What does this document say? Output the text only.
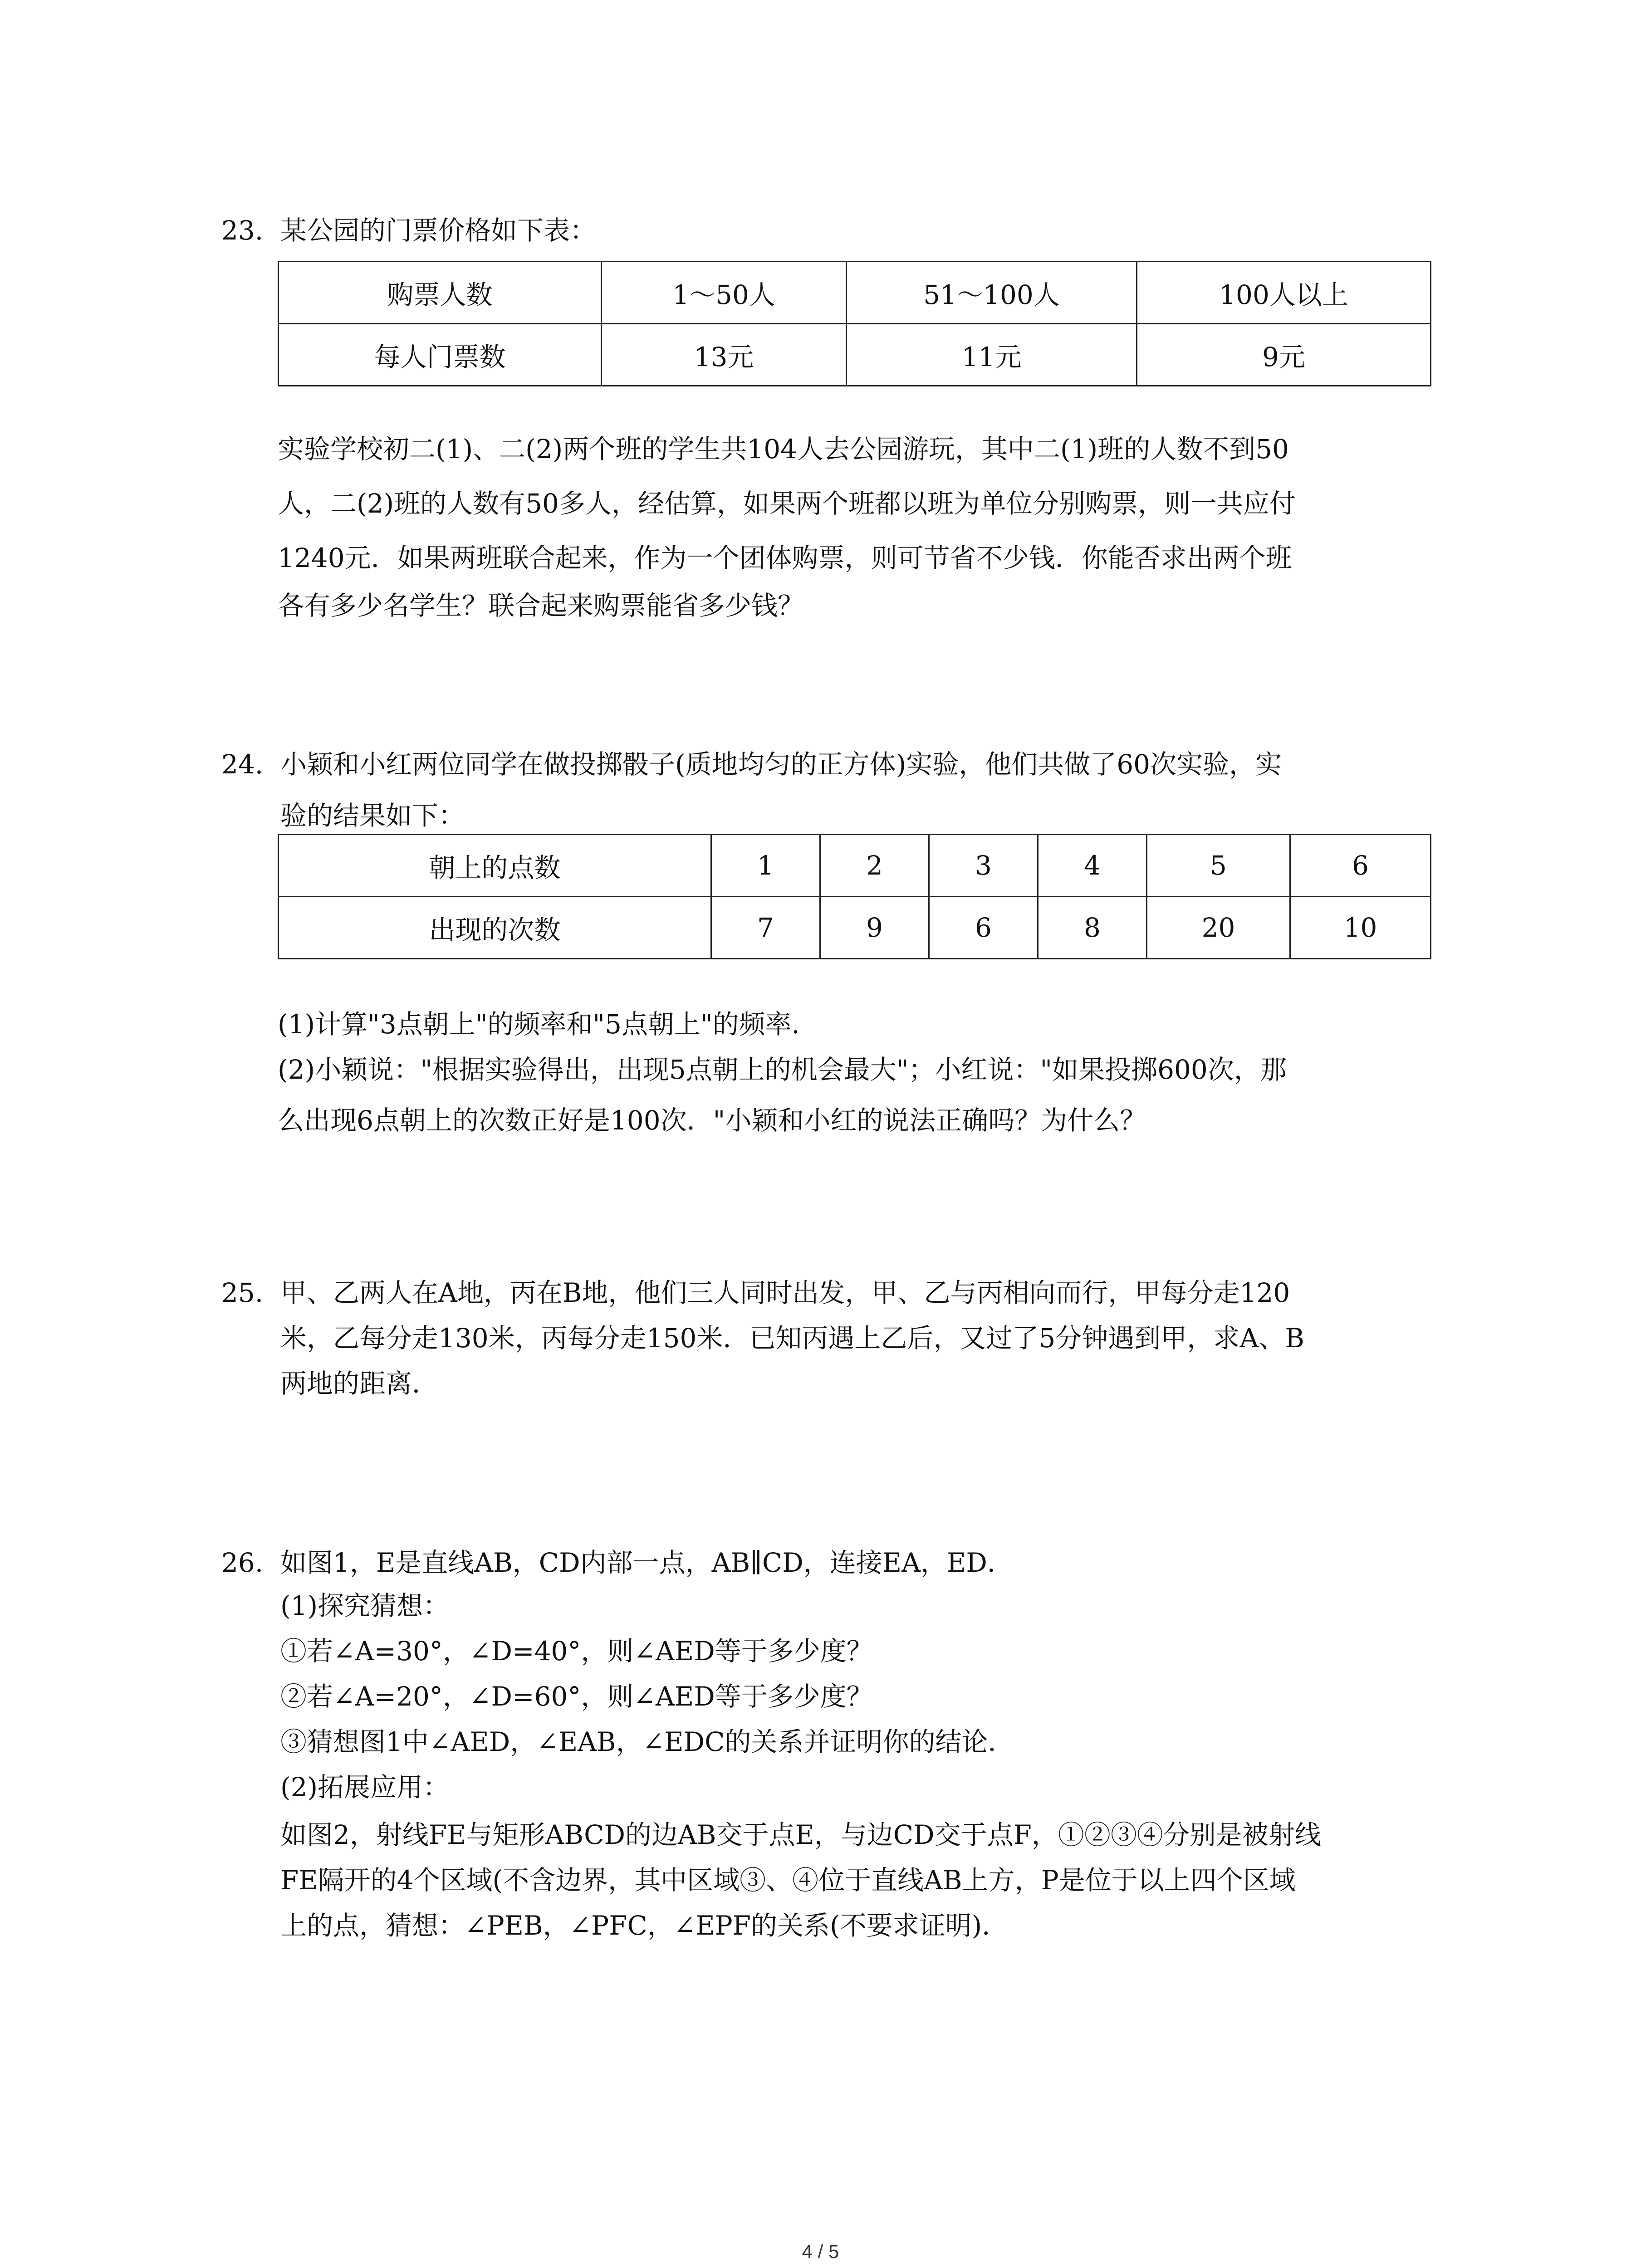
23. 某公园的门票价格如下表：
购票人数	1～50人	51～100人	100人以上
每人门票数	13元	11元	9元
实验学校初二(1)、二(2)两个班的学生共104人去公园游玩，其中二(1)班的人数不到50
人，二(2)班的人数有50多人，经估算，如果两个班都以班为单位分别购票，则一共应付
1240元．如果两班联合起来，作为一个团体购票，则可节省不少钱．你能否求出两个班
各有多少名学生？联合起来购票能省多少钱？
24. 小颖和小红两位同学在做投掷骰子(质地均匀的正方体)实验，他们共做了60次实验，实
验的结果如下：
朝上的点数	1	2	3	4	5	6
出现的次数	7	9	6	8	20	10
(1)计算"3点朝上"的频率和"5点朝上"的频率．
(2)小颖说："根据实验得出，出现5点朝上的机会最大"；小红说："如果投掷600次，那
么出现6点朝上的次数正好是100次．"小颖和小红的说法正确吗？为什么？
25. 甲、乙两人在A地，丙在B地，他们三人同时出发，甲、乙与丙相向而行，甲每分走120
米，乙每分走130米，丙每分走150米．已知丙遇上乙后，又过了5分钟遇到甲，求A、B
两地的距离．
26. 如图1，E是直线AB，CD内部一点，AB∥CD，连接EA，ED．
(1)探究猜想：
①若∠A=30°，∠D=40°，则∠AED等于多少度？
②若∠A=20°，∠D=60°，则∠AED等于多少度？
③猜想图1中∠AED，∠EAB，∠EDC的关系并证明你的结论．
(2)拓展应用：
如图2，射线FE与矩形ABCD的边AB交于点E，与边CD交于点F，①②③④分别是被射线
FE隔开的4个区域(不含边界，其中区域③、④位于直线AB上方，P是位于以上四个区域
上的点，猜想：∠PEB，∠PFC，∠EPF的关系(不要求证明)．
4 / 5
